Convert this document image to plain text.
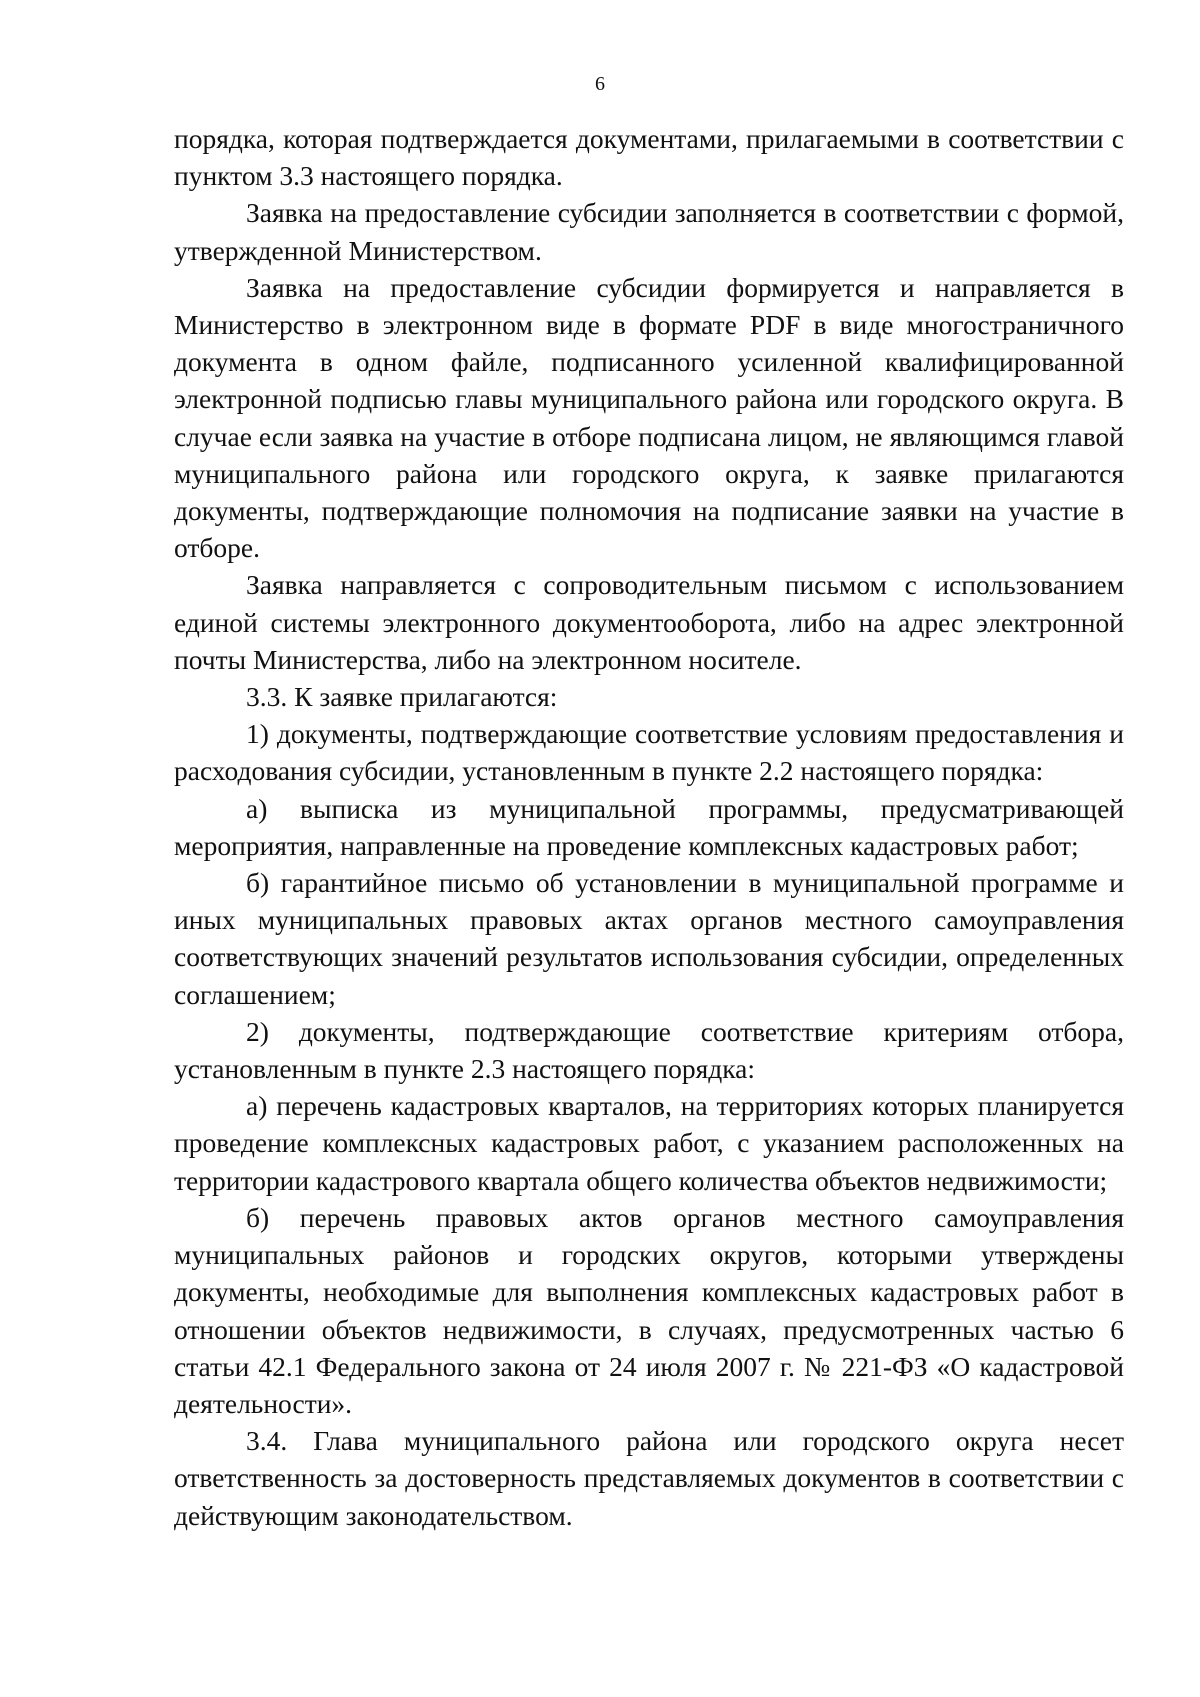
6

порядка, которая подтверждается документами, прилагаемыми в соответствии с пунктом 3.3 настоящего порядка.

Заявка на предоставление субсидии заполняется в соответствии с формой, утвержденной Министерством.

Заявка на предоставление субсидии формируется и направляется в Министерство в электронном виде в формате PDF в виде многостраничного документа в одном файле, подписанного усиленной квалифицированной электронной подписью главы муниципального района или городского округа. В случае если заявка на участие в отборе подписана лицом, не являющимся главой муниципального района или городского округа, к заявке прилагаются документы, подтверждающие полномочия на подписание заявки на участие в отборе.

Заявка направляется с сопроводительным письмом с использованием единой системы электронного документооборота, либо на адрес электронной почты Министерства, либо на электронном носителе.

3.3. К заявке прилагаются:

1) документы, подтверждающие соответствие условиям предоставления и расходования субсидии, установленным в пункте 2.2 настоящего порядка:

а) выписка из муниципальной программы, предусматривающей мероприятия, направленные на проведение комплексных кадастровых работ;

б) гарантийное письмо об установлении в муниципальной программе и иных муниципальных правовых актах органов местного самоуправления соответствующих значений результатов использования субсидии, определенных соглашением;

2) документы, подтверждающие соответствие критериям отбора, установленным в пункте 2.3 настоящего порядка:

а) перечень кадастровых кварталов, на территориях которых планируется проведение комплексных кадастровых работ, с указанием расположенных на территории кадастрового квартала общего количества объектов недвижимости;

б) перечень правовых актов органов местного самоуправления муниципальных районов и городских округов, которыми утверждены документы, необходимые для выполнения комплексных кадастровых работ в отношении объектов недвижимости, в случаях, предусмотренных частью 6 статьи 42.1 Федерального закона от 24 июля 2007 г. № 221-ФЗ «О кадастровой деятельности».

3.4. Глава муниципального района или городского округа несет ответственность за достоверность представляемых документов в соответствии с действующим законодательством.
